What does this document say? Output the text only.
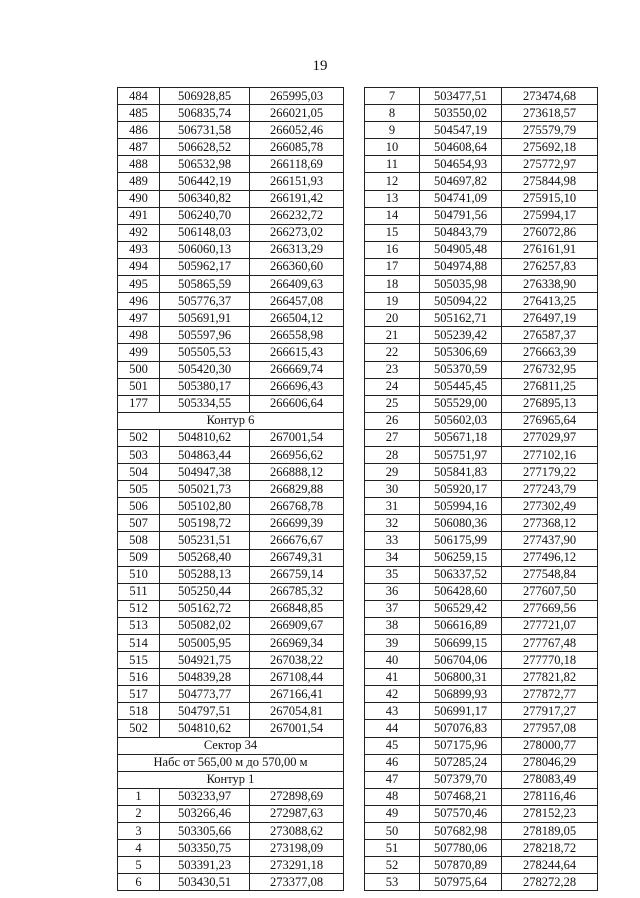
19
484	506928,85	265995,03
485	506835,74	266021,05
486	506731,58	266052,46
487	506628,52	266085,78
488	506532,98	266118,69
489	506442,19	266151,93
490	506340,82	266191,42
491	506240,70	266232,72
492	506148,03	266273,02
493	506060,13	266313,29
494	505962,17	266360,60
495	505865,59	266409,63
496	505776,37	266457,08
497	505691,91	266504,12
498	505597,96	266558,98
499	505505,53	266615,43
500	505420,30	266669,74
501	505380,17	266696,43
177	505334,55	266606,64
Контур 6		
502	504810,62	267001,54
503	504863,44	266956,62
504	504947,38	266888,12
505	505021,73	266829,88
506	505102,80	266768,78
507	505198,72	266699,39
508	505231,51	266676,67
509	505268,40	266749,31
510	505288,13	266759,14
511	505250,44	266785,32
512	505162,72	266848,85
513	505082,02	266909,67
514	505005,95	266969,34
515	504921,75	267038,22
516	504839,28	267108,44
517	504773,77	267166,41
518	504797,51	267054,81
502	504810,62	267001,54
Сектор 34		
Набс от 565,00 м до 570,00 м		
Контур 1		
1	503233,97	272898,69
2	503266,46	272987,63
3	503305,66	273088,62
4	503350,75	273198,09
5	503391,23	273291,18
6	503430,51	273377,08
7	503477,51	273474,68
8	503550,02	273618,57
9	504547,19	275579,79
10	504608,64	275692,18
11	504654,93	275772,97
12	504697,82	275844,98
13	504741,09	275915,10
14	504791,56	275994,17
15	504843,79	276072,86
16	504905,48	276161,91
17	504974,88	276257,83
18	505035,98	276338,90
19	505094,22	276413,25
20	505162,71	276497,19
21	505239,42	276587,37
22	505306,69	276663,39
23	505370,59	276732,95
24	505445,45	276811,25
25	505529,00	276895,13
26	505602,03	276965,64
27	505671,18	277029,97
28	505751,97	277102,16
29	505841,83	277179,22
30	505920,17	277243,79
31	505994,16	277302,49
32	506080,36	277368,12
33	506175,99	277437,90
34	506259,15	277496,12
35	506337,52	277548,84
36	506428,60	277607,50
37	506529,42	277669,56
38	506616,89	277721,07
39	506699,15	277767,48
40	506704,06	277770,18
41	506800,31	277821,82
42	506899,93	277872,77
43	506991,17	277917,27
44	507076,83	277957,08
45	507175,96	278000,77
46	507285,24	278046,29
47	507379,70	278083,49
48	507468,21	278116,46
49	507570,46	278152,23
50	507682,98	278189,05
51	507780,06	278218,72
52	507870,89	278244,64
53	507975,64	278272,28
